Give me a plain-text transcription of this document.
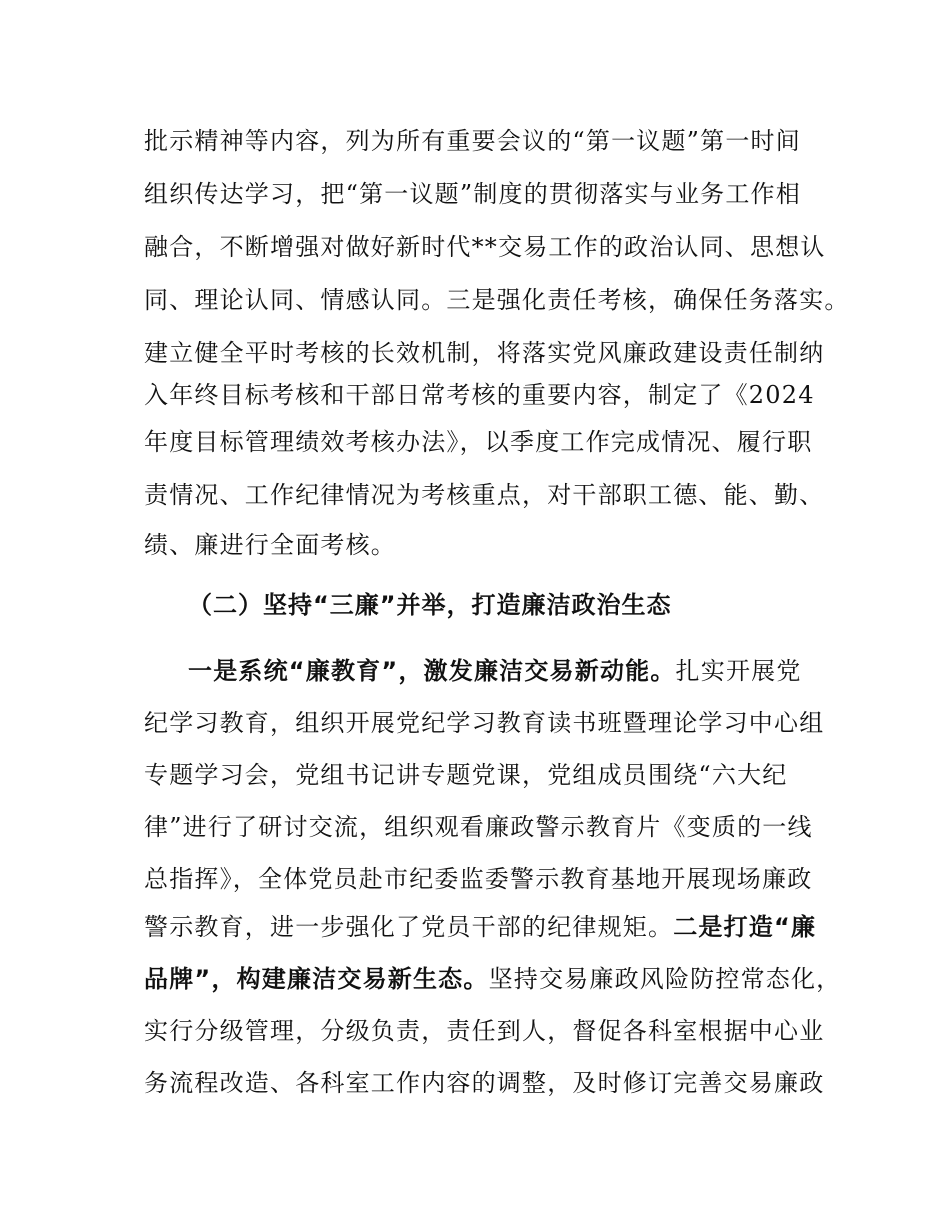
批示精神等内容，列为所有重要会议的“第一议题”第一时间
组织传达学习，把“第一议题”制度的贯彻落实与业务工作相
融合，不断增强对做好新时代**交易工作的政治认同、思想认
同、理论认同、情感认同。三是强化责任考核，确保任务落实。
建立健全平时考核的长效机制，将落实党风廉政建设责任制纳
入年终目标考核和干部日常考核的重要内容，制定了《2024
年度目标管理绩效考核办法》，以季度工作完成情况、履行职
责情况、工作纪律情况为考核重点，对干部职工德、能、勤、
绩、廉进行全面考核。
（二）坚持“三廉”并举，打造廉洁政治生态
一是系统“廉教育”，激发廉洁交易新动能。扎实开展党
纪学习教育，组织开展党纪学习教育读书班暨理论学习中心组
专题学习会，党组书记讲专题党课，党组成员围绕“六大纪
律”进行了研讨交流，组织观看廉政警示教育片《变质的一线
总指挥》，全体党员赴市纪委监委警示教育基地开展现场廉政
警示教育，进一步强化了党员干部的纪律规矩。二是打造“廉
品牌”，构建廉洁交易新生态。坚持交易廉政风险防控常态化，
实行分级管理，分级负责，责任到人，督促各科室根据中心业
务流程改造、各科室工作内容的调整，及时修订完善交易廉政
